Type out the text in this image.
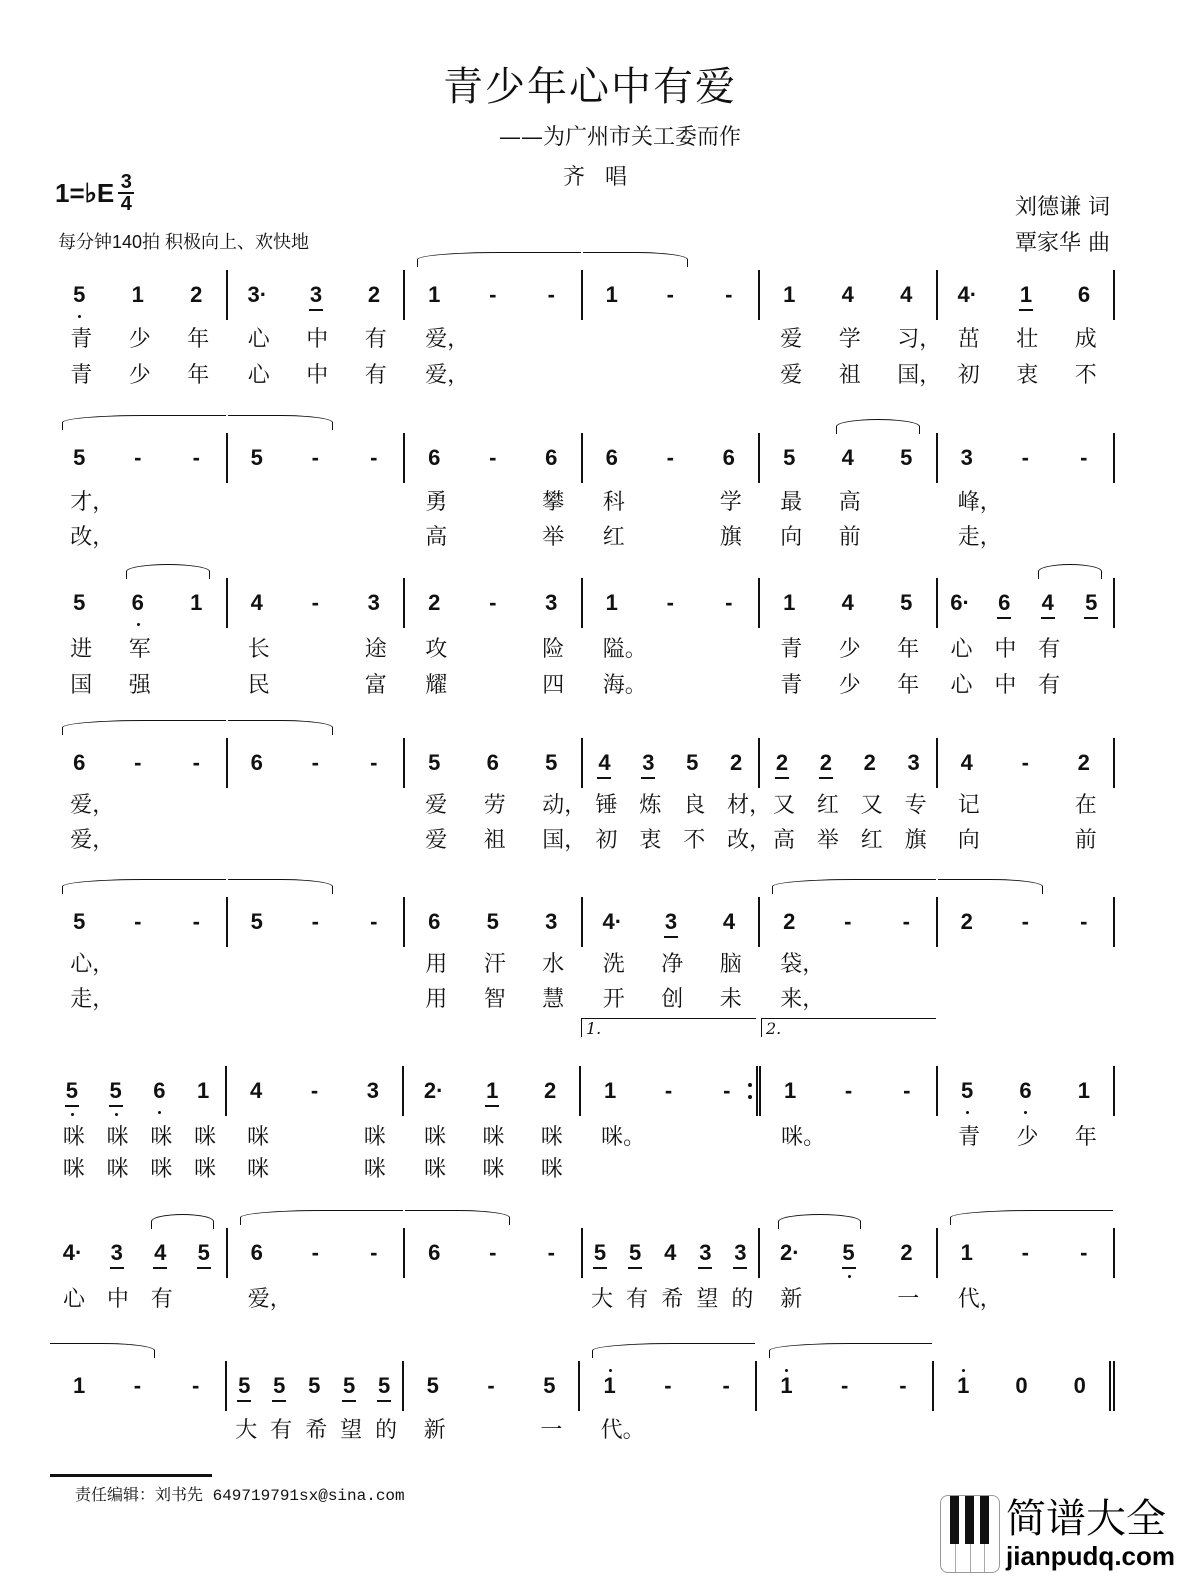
青少年心中有爱
——为广州市关工委而作
齐唱
1=♭E $\frac{3}{4}$
每分钟140拍 积极向上、欢快地
刘德谦 词
覃家华 曲
5 1 2
青 少 年
青 少 年
3· 3 2
心 中 有
心 中 有
1 - -
爱，
爱，
1 - - 1 4 4
爱 学 习，
爱 祖 国，
4· 1 6
茁 壮 成
初 衷 不
5 - -
才，
改，
5 - - 6 - 6
勇	攀
高	举
6 - 6
科	学
红	旗
5 4 5
最 高
向 前
3 - -
峰，
走，
5 6 1
进 军
国 强
4 - 3
长	途
民	富
2 - 3
攻	险
耀	四
1 - -
隘。
海。
1 4 5
青 少 年
青 少 年
6· 6 4 5
心 中 有
心 中 有
6 - -
爱，
爱，
6 - - 5 6 5
爱 劳 动，
爱 祖 国，
4 3 5 2
锤 炼 良 材，
初 衷 不 改，
2 2 2 3
又 红 又 专
高 举 红 旗
4 - 2
记	在
向	前
5 - -
心，
走，
5 - - 6 5 3
用 汗 水
用 智 慧
4· 3 4
洗 净 脑
开 创 未
2 - -
袋，
来，
2 - -
5 5 6 1
咪 咪 咪 咪
咪 咪 咪 咪
4 - 3
咪	咪
咪	咪
2· 1 2
咪 咪 咪
咪 咪 咪
1 - -
1.
咪。
1 - -
2.
咪。
5 6 1
青 少 年
4· 3 4 5
心 中 有
6 - -
爱，
6 - - 5 5 4 3 3
大 有 希 望 的
2· 5 2
新	一
1 - -
代，
1 - - 5 5 5 5 5
大 有 希 望 的
5 - 5
新	一
1 - -
代。
1 - - 1 0 0
责任编辑：刘书先 649719791sx@sina.com	简谱大全
jianpudq.com
